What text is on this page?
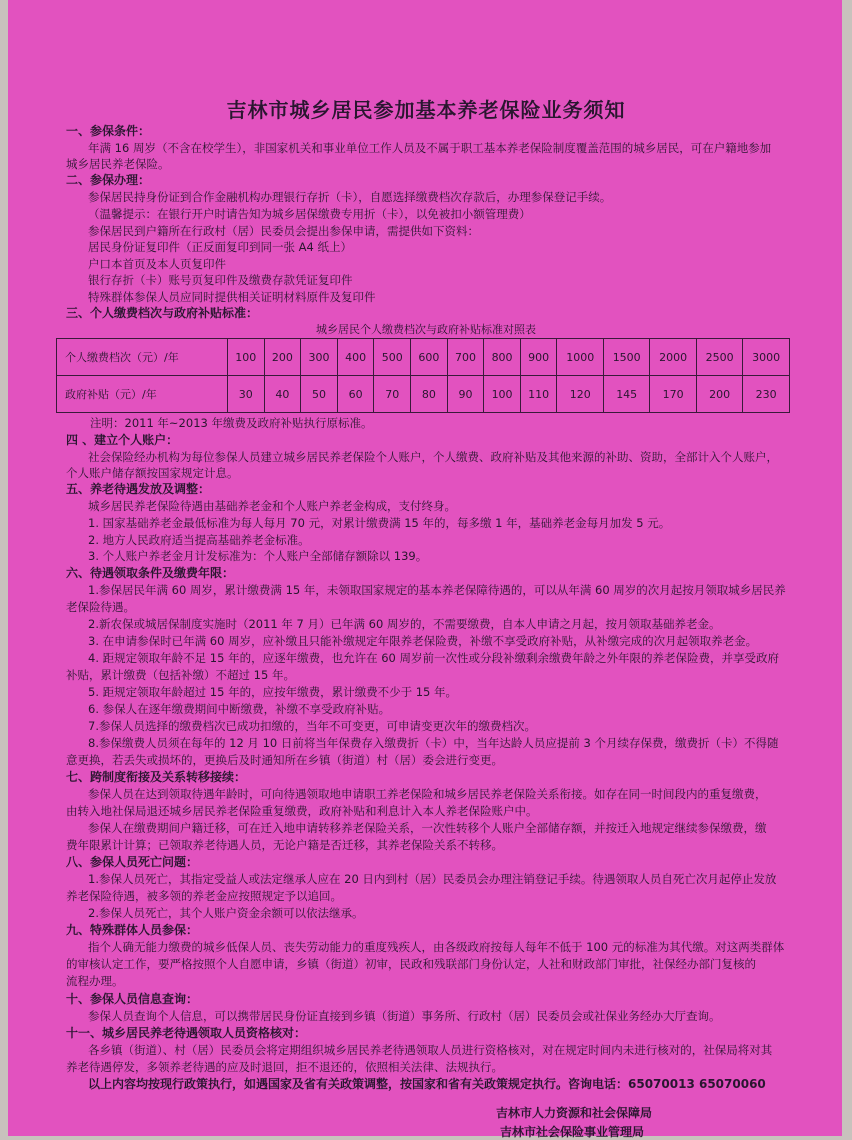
吉林市城乡居民参加基本养老保险业务须知
一、参保条件：
年满 16 周岁（不含在校学生），非国家机关和事业单位工作人员及不属于职工基本养老保险制度覆盖范围的城乡居民，可在户籍地参加
城乡居民养老保险。
二、参保办理：
参保居民持身份证到合作金融机构办理银行存折（卡），自愿选择缴费档次存款后，办理参保登记手续。
（温馨提示：在银行开户时请告知为城乡居保缴费专用折（卡），以免被扣小额管理费）
参保居民到户籍所在行政村（居）民委员会提出参保申请，需提供如下资料：
居民身份证复印件（正反面复印到同一张 A4 纸上）
户口本首页及本人页复印件
银行存折（卡）账号页复印件及缴费存款凭证复印件
特殊群体参保人员应同时提供相关证明材料原件及复印件
三、个人缴费档次与政府补贴标准：
注明：2011 年~2013 年缴费及政府补贴执行原标准。
四 、建立个人账户：
社会保险经办机构为每位参保人员建立城乡居民养老保险个人账户，个人缴费、政府补贴及其他来源的补助、资助，全部计入个人账户，
个人账户储存额按国家规定计息。
五、养老待遇发放及调整：
城乡居民养老保险待遇由基础养老金和个人账户养老金构成，支付终身。
1. 国家基础养老金最低标准为每人每月 70 元，对累计缴费满 15 年的，每多缴 1 年，基础养老金每月加发 5 元。
2. 地方人民政府适当提高基础养老金标准。
3. 个人账户养老金月计发标准为：个人账户全部储存额除以 139。
六、待遇领取条件及缴费年限：
1.参保居民年满 60 周岁，累计缴费满 15 年，未领取国家规定的基本养老保障待遇的，可以从年满 60 周岁的次月起按月领取城乡居民养
老保险待遇。
2.新农保或城居保制度实施时（2011 年 7 月）已年满 60 周岁的，不需要缴费，自本人申请之月起，按月领取基础养老金。
3. 在申请参保时已年满 60 周岁，应补缴且只能补缴规定年限养老保险费，补缴不享受政府补贴，从补缴完成的次月起领取养老金。
4. 距规定领取年龄不足 15 年的，应逐年缴费，也允许在 60 周岁前一次性或分段补缴剩余缴费年龄之外年限的养老保险费，并享受政府
补贴，累计缴费（包括补缴）不超过 15 年。
5. 距规定领取年龄超过 15 年的，应按年缴费，累计缴费不少于 15 年。
6. 参保人在逐年缴费期间中断缴费，补缴不享受政府补贴。
7.参保人员选择的缴费档次已成功扣缴的，当年不可变更，可申请变更次年的缴费档次。
8.参保缴费人员须在每年的 12 月 10 日前将当年保费存入缴费折（卡）中，当年达龄人员应提前 3 个月续存保费，缴费折（卡）不得随
意更换，若丢失或损坏的，更换后及时通知所在乡镇（街道）村（居）委会进行变更。
七、跨制度衔接及关系转移接续：
参保人员在达到领取待遇年龄时，可向待遇领取地申请职工养老保险和城乡居民养老保险关系衔接。如存在同一时间段内的重复缴费，
由转入地社保局退还城乡居民养老保险重复缴费，政府补贴和利息计入本人养老保险账户中。
参保人在缴费期间户籍迁移，可在迁入地申请转移养老保险关系，一次性转移个人账户全部储存额，并按迁入地规定继续参保缴费，缴
费年限累计计算；已领取养老待遇人员，无论户籍是否迁移，其养老保险关系不转移。
八、参保人员死亡问题：
1.参保人员死亡，其指定受益人或法定继承人应在 20 日内到村（居）民委员会办理注销登记手续。待遇领取人员自死亡次月起停止发放
养老保险待遇，被多领的养老金应按照规定予以追回。
2.参保人员死亡，其个人账户资金余额可以依法继承。
九、特殊群体人员参保：
指个人确无能力缴费的城乡低保人员、丧失劳动能力的重度残疾人，由各级政府按每人每年不低于 100 元的标准为其代缴。对这两类群体
的审核认定工作，要严格按照个人自愿申请，乡镇（街道）初审，民政和残联部门身份认定，人社和财政部门审批，社保经办部门复核的
流程办理。
十、参保人员信息查询：
参保人员查询个人信息，可以携带居民身份证直接到乡镇（街道）事务所、行政村（居）民委员会或社保业务经办大厅查询。
十一、城乡居民养老待遇领取人员资格核对：
各乡镇（街道）、村（居）民委员会将定期组织城乡居民养老待遇领取人员进行资格核对，对在规定时间内未进行核对的，社保局将对其
养老待遇停发，多领养老待遇的应及时退回，拒不退还的，依照相关法律、法规执行。
以上内容均按现行政策执行，如遇国家及省有关政策调整，按国家和省有关政策规定执行。咨询电话：65070013 65070060
城乡居民个人缴费档次与政府补贴标准对照表
个人缴费档次（元）/年	100	200	300	400	500	600	700	800	900	1000	1500	2000	2500	3000
政府补贴（元）/年	30	40	50	60	70	80	90	100	110	120	145	170	200	230
吉林市人力资源和社会保障局
吉林市社会保险事业管理局
